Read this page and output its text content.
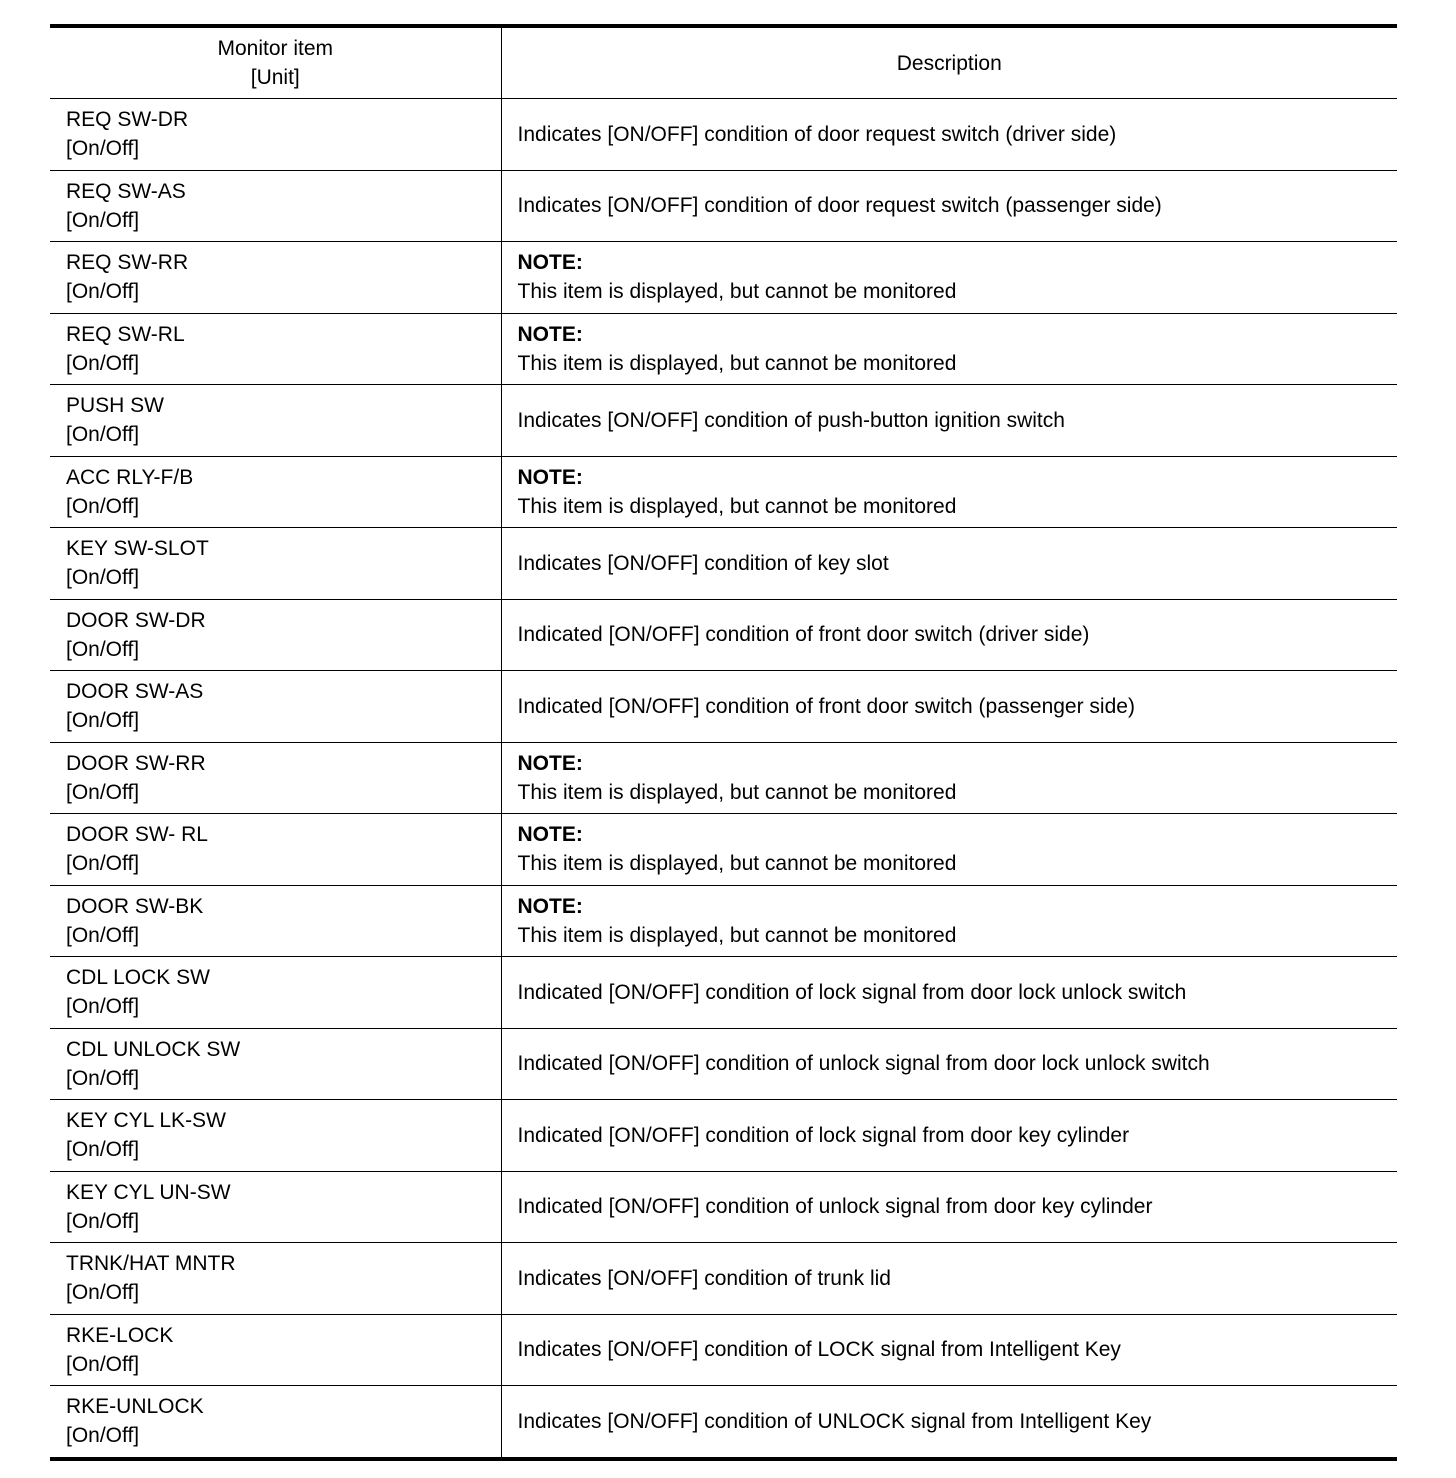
Monitor item
[Unit]	Description

REQ SW-DR
[On/Off]	Indicates [ON/OFF] condition of door request switch (driver side)

REQ SW-AS
[On/Off]	Indicates [ON/OFF] condition of door request switch (passenger side)

REQ SW-RR
[On/Off]	NOTE:
This item is displayed, but cannot be monitored

REQ SW-RL
[On/Off]	NOTE:
This item is displayed, but cannot be monitored

PUSH SW
[On/Off]	Indicates [ON/OFF] condition of push-button ignition switch

ACC RLY-F/B
[On/Off]	NOTE:
This item is displayed, but cannot be monitored

KEY SW-SLOT
[On/Off]	Indicates [ON/OFF] condition of key slot

DOOR SW-DR
[On/Off]	Indicated [ON/OFF] condition of front door switch (driver side)

DOOR SW-AS
[On/Off]	Indicated [ON/OFF] condition of front door switch (passenger side)

DOOR SW-RR
[On/Off]	NOTE:
This item is displayed, but cannot be monitored

DOOR SW- RL
[On/Off]	NOTE:
This item is displayed, but cannot be monitored

DOOR SW-BK
[On/Off]	NOTE:
This item is displayed, but cannot be monitored

CDL LOCK SW
[On/Off]	Indicated [ON/OFF] condition of lock signal from door lock unlock switch

CDL UNLOCK SW
[On/Off]	Indicated [ON/OFF] condition of unlock signal from door lock unlock switch

KEY CYL LK-SW
[On/Off]	Indicated [ON/OFF] condition of lock signal from door key cylinder

KEY CYL UN-SW
[On/Off]	Indicated [ON/OFF] condition of unlock signal from door key cylinder

TRNK/HAT MNTR
[On/Off]	Indicates [ON/OFF] condition of trunk lid

RKE-LOCK
[On/Off]	Indicates [ON/OFF] condition of LOCK signal from Intelligent Key

RKE-UNLOCK
[On/Off]	Indicates [ON/OFF] condition of UNLOCK signal from Intelligent Key
